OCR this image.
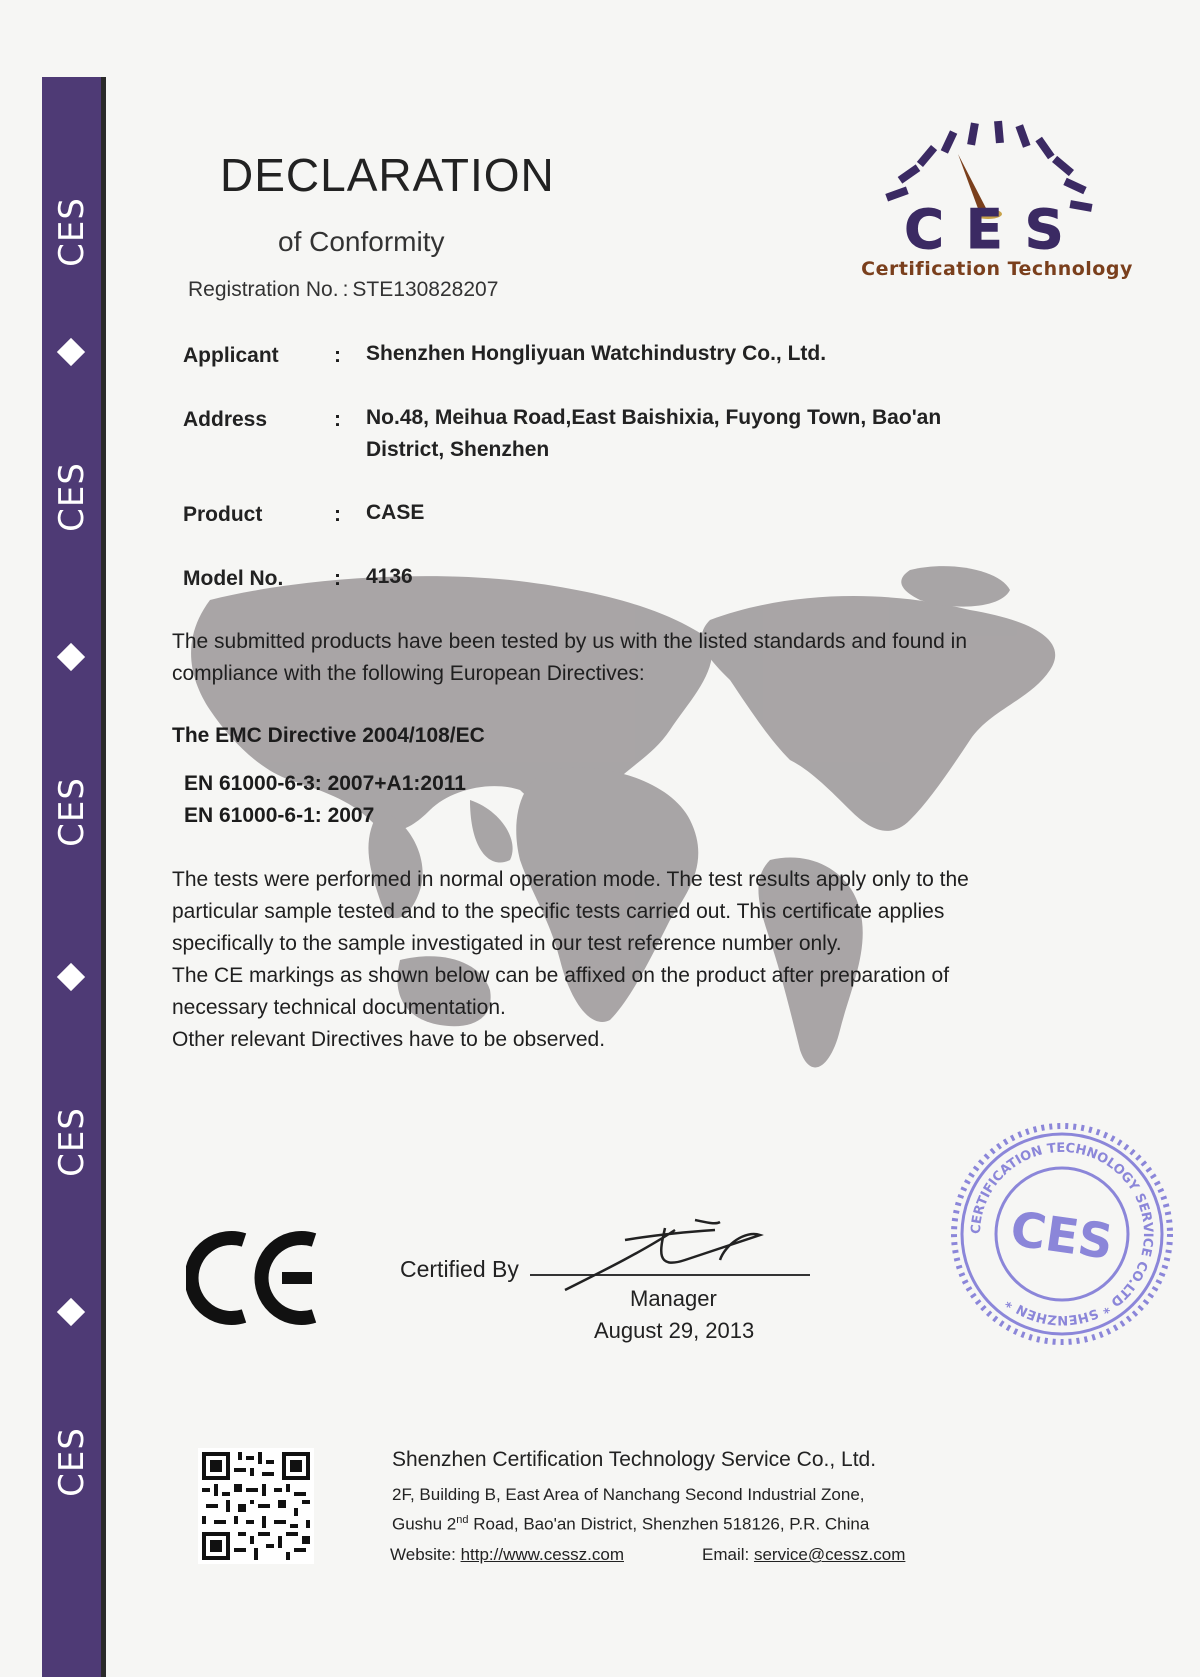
CES
CES
CES
CES
CES
DECLARATION
of Conformity
Registration No. : STE130828207
CES
Certification Technology
Applicant	: Shenzhen Hongliyuan Watchindustry Co., Ltd.
Address	: No.48, Meihua Road,East Baishixia, Fuyong Town, Bao'an
District, Shenzhen
Product	: CASE
Model No. : 4136
The submitted products have been tested by us with the listed standards and found in
compliance with the following European Directives:
The EMC Directive 2004/108/EC
EN 61000-6-3: 2007+A1:2011
EN 61000-6-1: 2007
The tests were performed in normal operation mode. The test results apply only to the
particular sample tested and to the specific tests carried out. This certificate applies
specifically to the sample investigated in our test reference number only.
The CE markings as shown below can be affixed on the product after preparation of
necessary technical documentation.
Other relevant Directives have to be observed.
Certified By
Manager
August 29, 2013
CERTIFICATION TECHNOLOGY SERVICE CO.LTD * SHENZHEN *
CES
Shenzhen Certification Technology Service Co., Ltd.
2F, Building B, East Area of Nanchang Second Industrial Zone,
Gushu 2nd Road, Bao'an District, Shenzhen 518126, P.R. China
Website: http://www.cessz.com	Email: service@cessz.com
